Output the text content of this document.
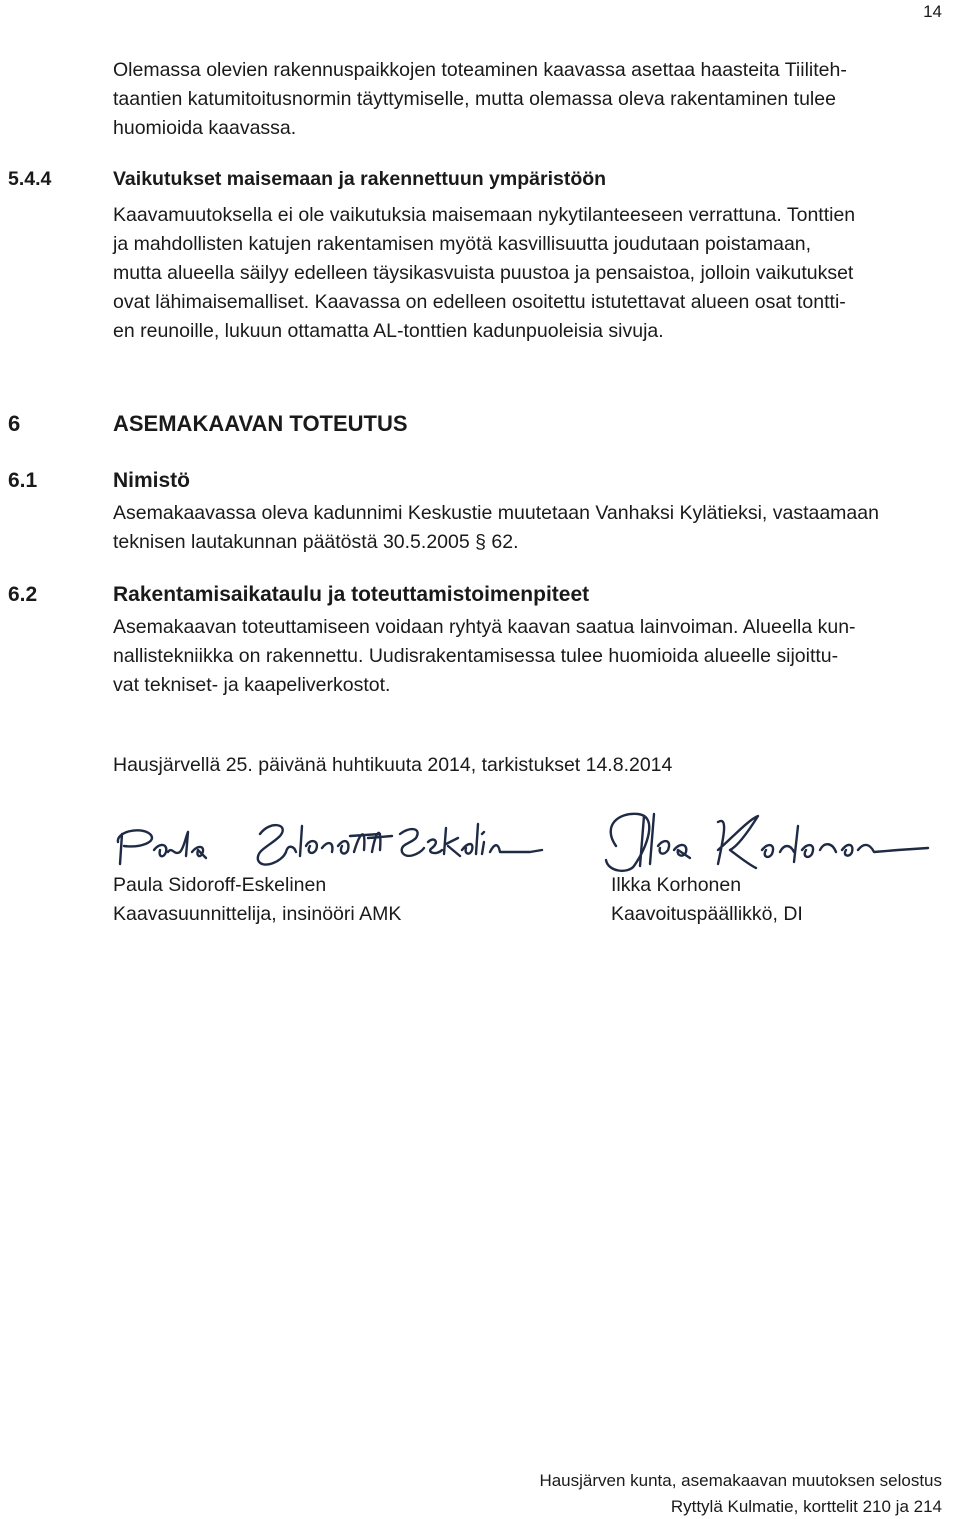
14
Olemassa olevien rakennuspaikkojen toteaminen kaavassa asettaa haasteita Tiiliteh-
taantien katumitoitusnormin täyttymiselle, mutta olemassa oleva rakentaminen tulee
huomioida kaavassa.
5.4.4	Vaikutukset maisemaan ja rakennettuun ympäristöön
Kaavamuutoksella ei ole vaikutuksia maisemaan nykytilanteeseen verrattuna. Tonttien
ja mahdollisten katujen rakentamisen myötä kasvillisuutta joudutaan poistamaan,
mutta alueella säilyy edelleen täysikasvuista puustoa ja pensaistoa, jolloin vaikutukset
ovat lähimaisemalliset. Kaavassa on edelleen osoitettu istutettavat alueen osat tontti-
en reunoille, lukuun ottamatta AL-tonttien kadunpuoleisia sivuja.
6	ASEMAKAAVAN TOTEUTUS
6.1	Nimistö
Asemakaavassa oleva kadunnimi Keskustie muutetaan Vanhaksi Kylätieksi, vastaamaan
teknisen lautakunnan päätöstä 30.5.2005 § 62.
6.2	Rakentamisaikataulu ja toteuttamistoimenpiteet
Asemakaavan toteuttamiseen voidaan ryhtyä kaavan saatua lainvoiman. Alueella kun-
nallistekniikka on rakennettu. Uudisrakentamisessa tulee huomioida alueelle sijoittu-
vat tekniset- ja kaapeliverkostot.
Hausjärvellä 25. päivänä huhtikuuta 2014, tarkistukset 14.8.2014
Paula Sidoroff-Eskelinen
Kaavasuunnittelija, insinööri AMK
Ilkka Korhonen
Kaavoituspäällikkö, DI
Hausjärven kunta, asemakaavan muutoksen selostus
Ryttylä Kulmatie, korttelit 210 ja 214
